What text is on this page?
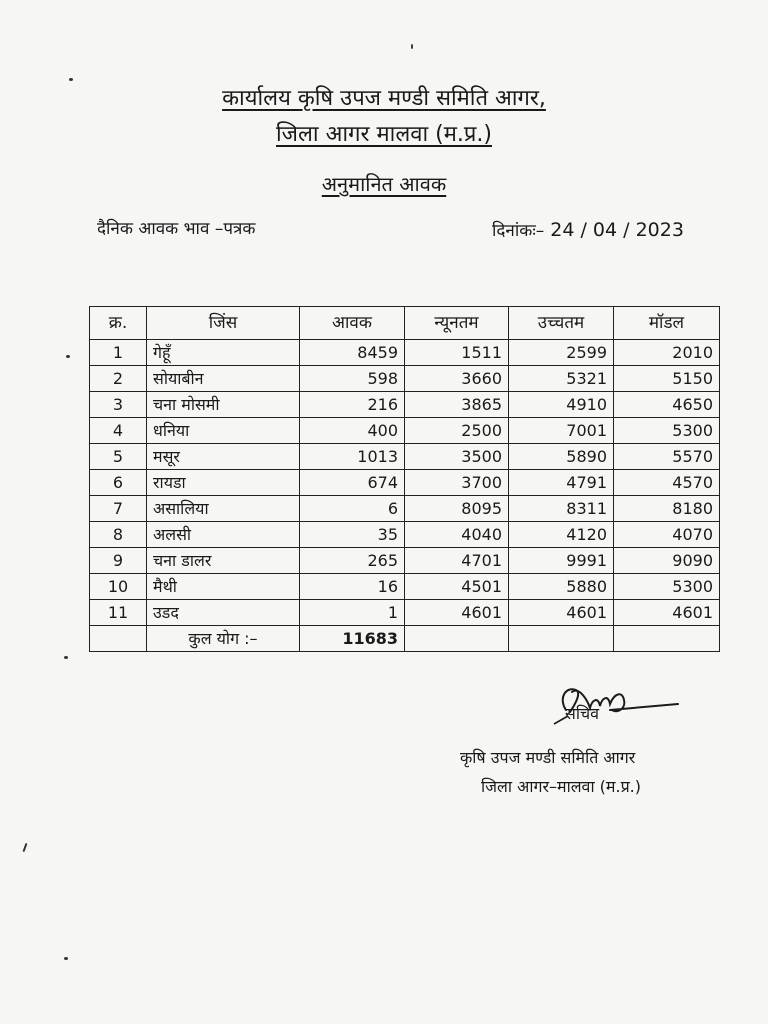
कार्यालय कृषि उपज मण्डी समिति आगर,
जिला आगर मालवा (म.प्र.)
अनुमानित आवक
दैनिक आवक भाव –पत्रक	दिनांकः– 24 / 04 / 2023
क्र.	जिंस	आवक	न्यूनतम	उच्चतम	मॉडल
1	गेहूँ	8459	1511	2599	2010
2	सोयाबीन	598	3660	5321	5150
3	चना मोसमी	216	3865	4910	4650
4	धनिया	400	2500	7001	5300
5	मसूर	1013	3500	5890	5570
6	रायडा	674	3700	4791	4570
7	असालिया	6	8095	8311	8180
8	अलसी	35	4040	4120	4070
9	चना डालर	265	4701	9991	9090
10	मैथी	16	4501	5880	5300
11	उडद	1	4601	4601	4601
	कुल योग :–	11683			
सचिव
कृषि उपज मण्डी समिति आगर
जिला आगर–मालवा (म.प्र.)
